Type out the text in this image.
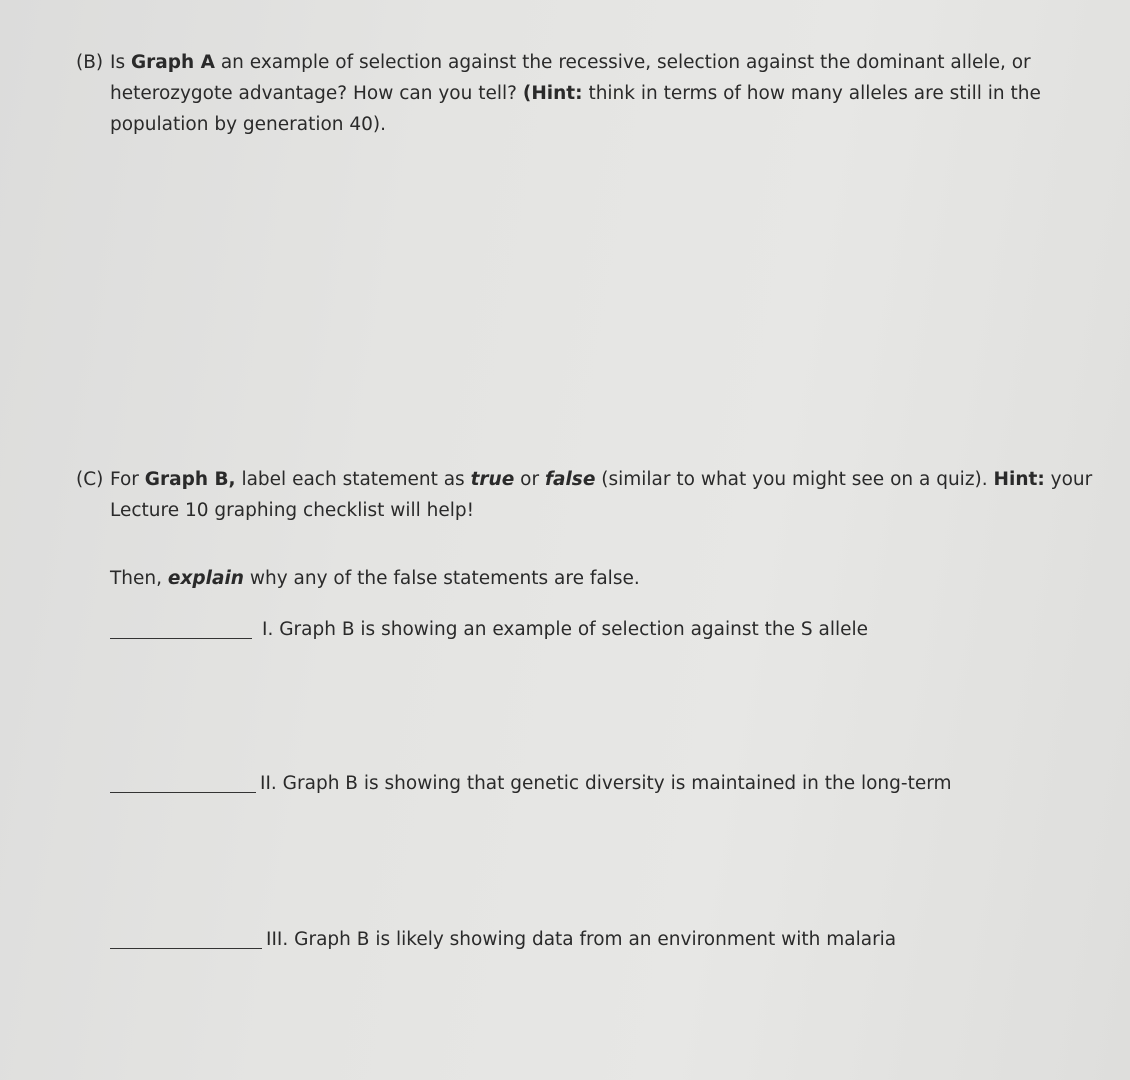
(B) Is Graph A an example of selection against the recessive, selection against the dominant allele, or
heterozygote advantage? How can you tell? (Hint: think in terms of how many alleles are still in the
population by generation 40).
(C) For Graph B, label each statement as true or false (similar to what you might see on a quiz). Hint: your
Lecture 10 graphing checklist will help!
Then, explain why any of the false statements are false.
I. Graph B is showing an example of selection against the S allele
II. Graph B is showing that genetic diversity is maintained in the long-term
III. Graph B is likely showing data from an environment with malaria
